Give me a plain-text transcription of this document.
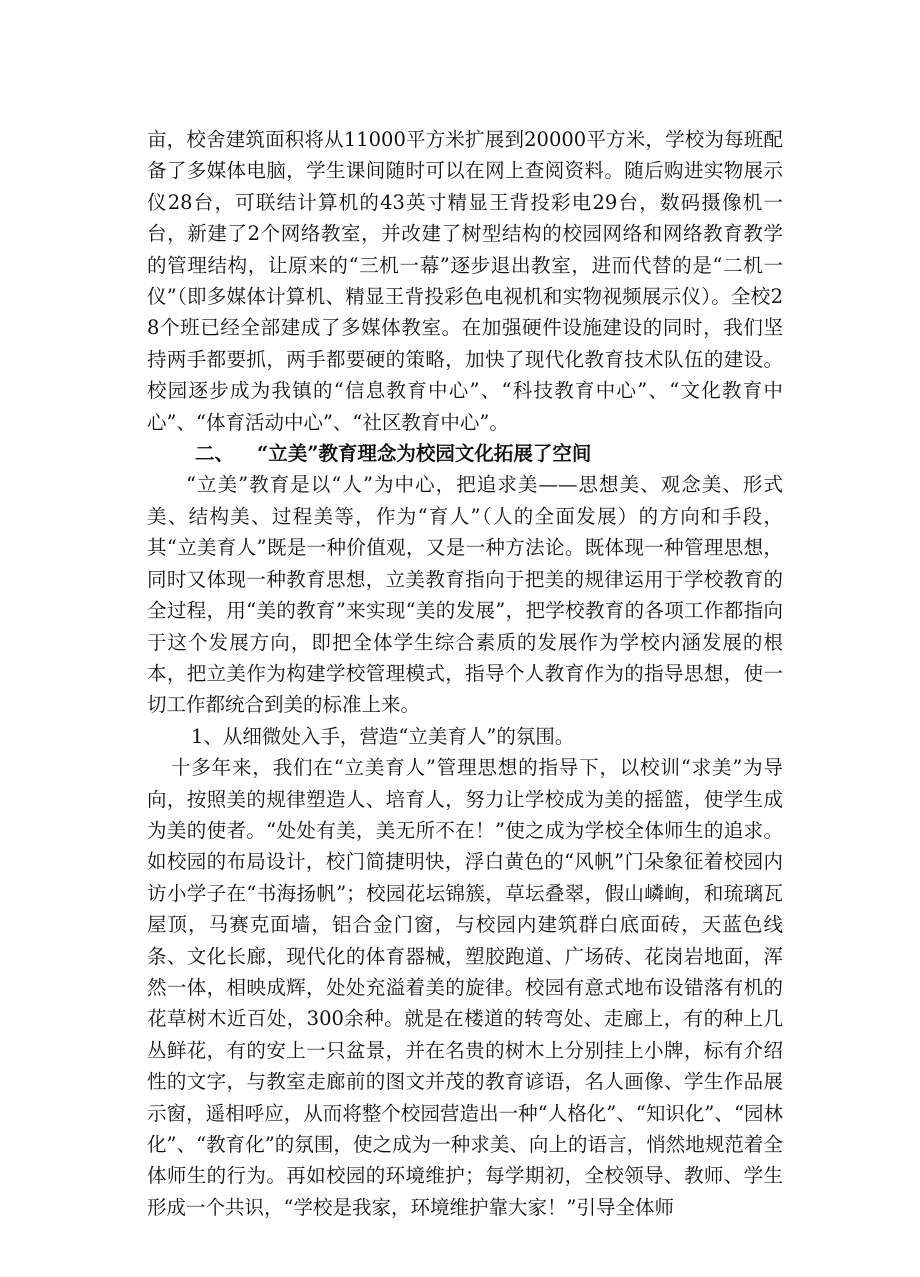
亩，校舍建筑面积将从11000平方米扩展到20000平方米，学校为每班配备了多媒体电脑，学生课间随时可以在网上查阅资料。随后购进实物展示仪28台，可联结计算机的43英寸精显王背投彩电29台，数码摄像机一台，新建了2个网络教室，并改建了树型结构的校园网络和网络教育教学的管理结构，让原来的“三机一幕”逐步退出教室，进而代替的是“二机一仪”（即多媒体计算机、精显王背投彩色电视机和实物视频展示仪）。全校28个班已经全部建成了多媒体教室。在加强硬件设施建设的同时，我们坚持两手都要抓，两手都要硬的策略，加快了现代化教育技术队伍的建设。校园逐步成为我镇的“信息教育中心”、“科技教育中心”、“文化教育中心”、“体育活动中心”、“社区教育中心”。

二、 “立美”教育理念为校园文化拓展了空间

“立美”教育是以“人”为中心，把追求美——思想美、观念美、形式美、结构美、过程美等，作为“育人”（人的全面发展）的方向和手段，其“立美育人”既是一种价值观，又是一种方法论。既体现一种管理思想，同时又体现一种教育思想，立美教育指向于把美的规律运用于学校教育的全过程，用“美的教育”来实现“美的发展”，把学校教育的各项工作都指向于这个发展方向，即把全体学生综合素质的发展作为学校内涵发展的根本，把立美作为构建学校管理模式，指导个人教育作为的指导思想，使一切工作都统合到美的标准上来。

1、从细微处入手，营造“立美育人”的氛围。

十多年来，我们在“立美育人”管理思想的指导下，以校训“求美”为导向，按照美的规律塑造人、培育人，努力让学校成为美的摇篮，使学生成为美的使者。“处处有美，美无所不在！”使之成为学校全体师生的追求。如校园的布局设计，校门简捷明快，浮白黄色的“风帆”门朵象征着校园内访小学子在“书海扬帆”；校园花坛锦簇，草坛叠翠，假山嶙峋，和琉璃瓦屋顶，马赛克面墙，铝合金门窗，与校园内建筑群白底面砖，天蓝色线条、文化长廊，现代化的体育器械，塑胶跑道、广场砖、花岗岩地面，浑然一体，相映成辉，处处充溢着美的旋律。校园有意式地布设错落有机的花草树木近百处，300余种。就是在楼道的转弯处、走廊上，有的种上几丛鲜花，有的安上一只盆景，并在名贵的树木上分别挂上小牌，标有介绍性的文字，与教室走廊前的图文并茂的教育谚语，名人画像、学生作品展示窗，遥相呼应，从而将整个校园营造出一种“人格化”、“知识化”、“园林化”、“教育化”的氛围，使之成为一种求美、向上的语言，悄然地规范着全体师生的行为。再如校园的环境维护；每学期初，全校领导、教师、学生形成一个共识，“学校是我家，环境维护靠大家！”引导全体师
